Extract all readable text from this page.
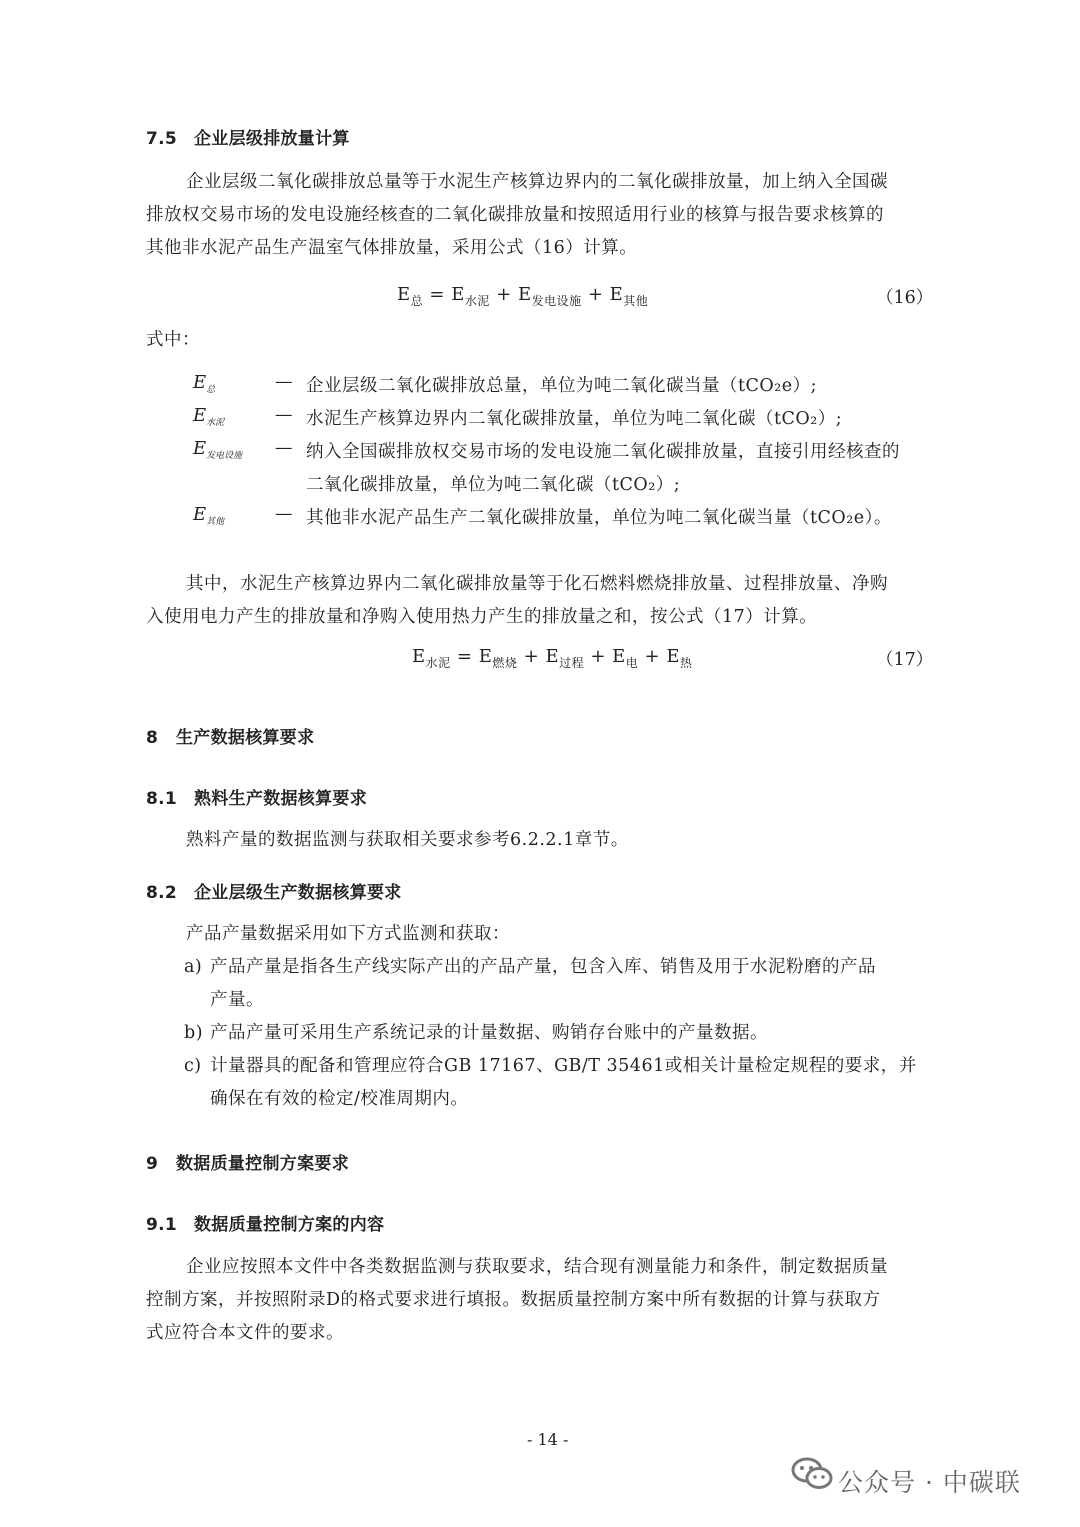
7.5 企业层级排放量计算
企业层级二氧化碳排放总量等于水泥生产核算边界内的二氧化碳排放量，加上纳入全国碳
排放权交易市场的发电设施经核查的二氧化碳排放量和按照适用行业的核算与报告要求核算的
其他非水泥产品生产温室气体排放量，采用公式（16）计算。
$E_总 = E_{水泥} + E_{发电设施} + E_{其他}$	（16）
式中：
$E_总$	— 企业层级二氧化碳排放总量，单位为吨二氧化碳当量（tCO₂e）;
$E_{水泥}$	— 水泥生产核算边界内二氧化碳排放量，单位为吨二氧化碳（tCO₂）;
$E_{发电设施}$ — 纳入全国碳排放权交易市场的发电设施二氧化碳排放量，直接引用经核查的
二氧化碳排放量，单位为吨二氧化碳（tCO₂）;
$E_{其他}$	— 其他非水泥产品生产二氧化碳排放量，单位为吨二氧化碳当量（tCO₂e）。
其中，水泥生产核算边界内二氧化碳排放量等于化石燃料燃烧排放量、过程排放量、净购
入使用电力产生的排放量和净购入使用热力产生的排放量之和，按公式（17）计算。
$E_{水泥} = E_{燃烧} + E_{过程} + E_电 + E_热$	（17）
8 生产数据核算要求
8.1 熟料生产数据核算要求
熟料产量的数据监测与获取相关要求参考6.2.2.1章节。
8.2 企业层级生产数据核算要求
产品产量数据采用如下方式监测和获取：
a) 产品产量是指各生产线实际产出的产品产量，包含入库、销售及用于水泥粉磨的产品
产量。
b) 产品产量可采用生产系统记录的计量数据、购销存台账中的产量数据。
c) 计量器具的配备和管理应符合GB 17167、GB/T 35461或相关计量检定规程的要求，并
确保在有效的检定/校准周期内。
9 数据质量控制方案要求
9.1 数据质量控制方案的内容
企业应按照本文件中各类数据监测与获取要求，结合现有测量能力和条件，制定数据质量
控制方案，并按照附录D的格式要求进行填报。数据质量控制方案中所有数据的计算与获取方
式应符合本文件的要求。
- 14 -
公众号 · 中碳联
